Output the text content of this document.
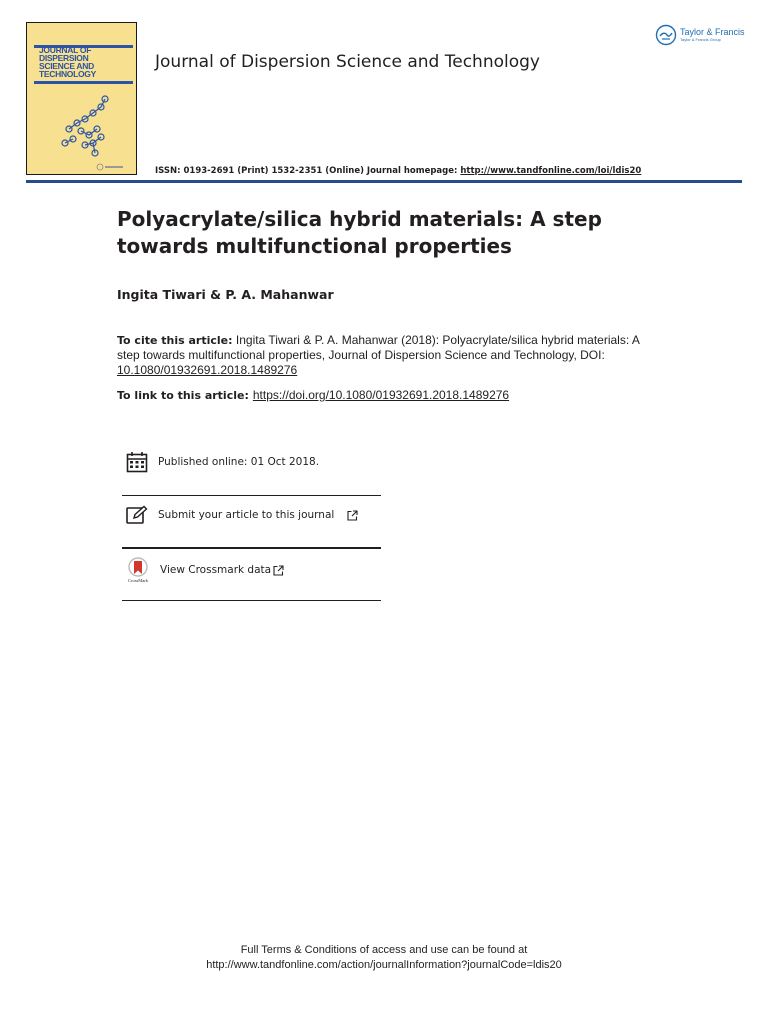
JOURNAL OF DISPERSION SCIENCE AND TECHNOLOGY
Journal of Dispersion Science and Technology
ISSN: 0193-2691 (Print) 1532-2351 (Online) Journal homepage: http://www.tandfonline.com/loi/ldis20
Taylor & Francis
Taylor & Francis Group
Polyacrylate/silica hybrid materials: A step towards multifunctional properties
Ingita Tiwari & P. A. Mahanwar
To cite this article: Ingita Tiwari & P. A. Mahanwar (2018): Polyacrylate/silica hybrid materials: A step towards multifunctional properties, Journal of Dispersion Science and Technology, DOI: 10.1080/01932691.2018.1489276
To link to this article: https://doi.org/10.1080/01932691.2018.1489276
Published online: 01 Oct 2018.
Submit your article to this journal
CrossMark
View Crossmark data
Full Terms & Conditions of access and use can be found at
http://www.tandfonline.com/action/journalInformation?journalCode=ldis20
